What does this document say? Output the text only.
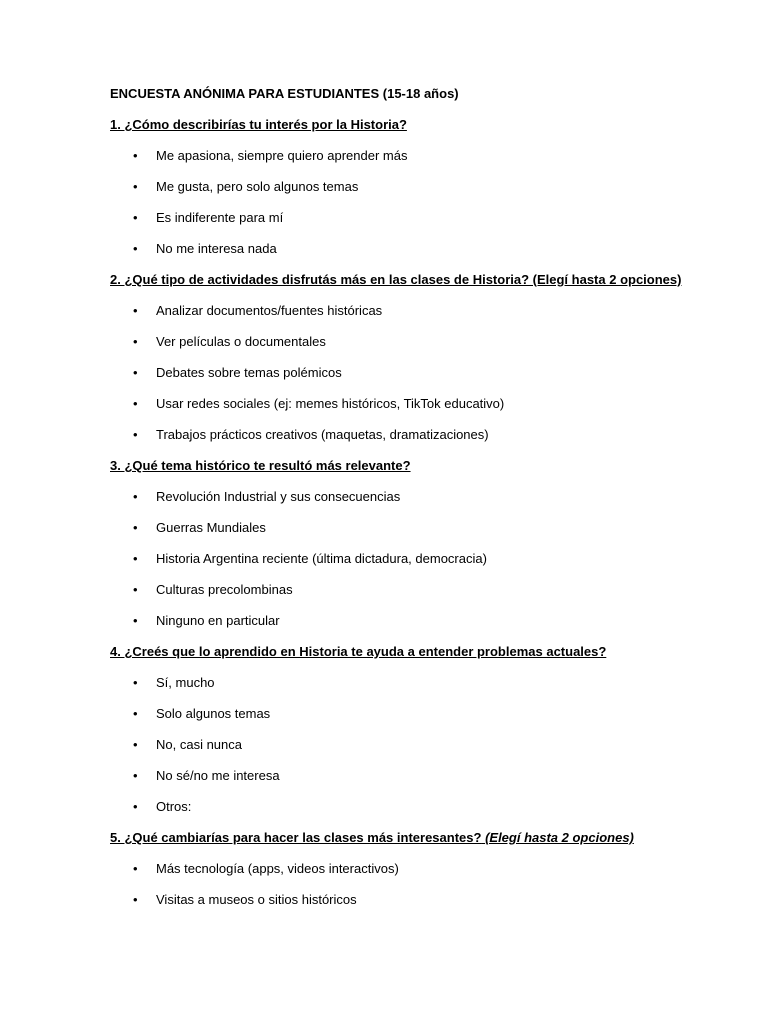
ENCUESTA ANÓNIMA PARA ESTUDIANTES (15-18 años)
1. ¿Cómo describirías tu interés por la Historia?
•	Me apasiona, siempre quiero aprender más
•	Me gusta, pero solo algunos temas
•	Es indiferente para mí
•	No me interesa nada
2. ¿Qué tipo de actividades disfrutás más en las clases de Historia? (Elegí hasta 2 opciones)
•	Analizar documentos/fuentes históricas
•	Ver películas o documentales
•	Debates sobre temas polémicos
•	Usar redes sociales (ej: memes históricos, TikTok educativo)
•	Trabajos prácticos creativos (maquetas, dramatizaciones)
3. ¿Qué tema histórico te resultó más relevante?
•	Revolución Industrial y sus consecuencias
•	Guerras Mundiales
•	Historia Argentina reciente (última dictadura, democracia)
•	Culturas precolombinas
•	Ninguno en particular
4. ¿Creés que lo aprendido en Historia te ayuda a entender problemas actuales?
•	Sí, mucho
•	Solo algunos temas
•	No, casi nunca
•	No sé/no me interesa
•	Otros:
5. ¿Qué cambiarías para hacer las clases más interesantes? (Elegí hasta 2 opciones)
•	Más tecnología (apps, videos interactivos)
•	Visitas a museos o sitios históricos
